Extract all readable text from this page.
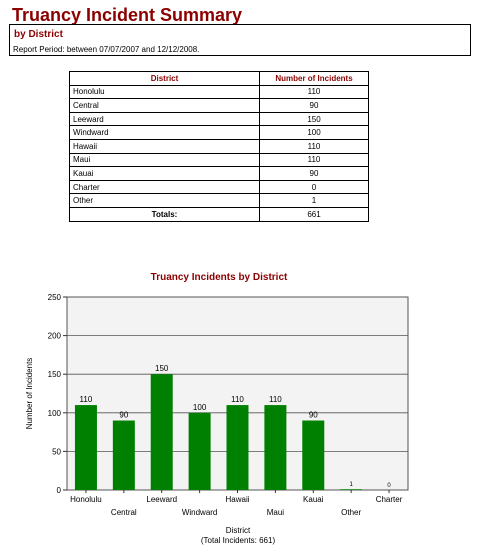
Truancy Incident Summary
by District
Report Period: between 07/07/2007 and 12/12/2008.
District	Number of Incidents
Honolulu	110
Central	90
Leeward	150
Windward	100
Hawaii	110
Maui	110
Kauai	90
Charter	0
Other	1
Totals:	661
Truancy Incidents by District
0
50
100
150
200
250
Number of Incidents	110
Honolulu
90
Central
150
Leeward
100
Windward
110
Hawaii
110
Maui
90
Kauai
1
Other
0
Charter
District
(Total Incidents: 661)
